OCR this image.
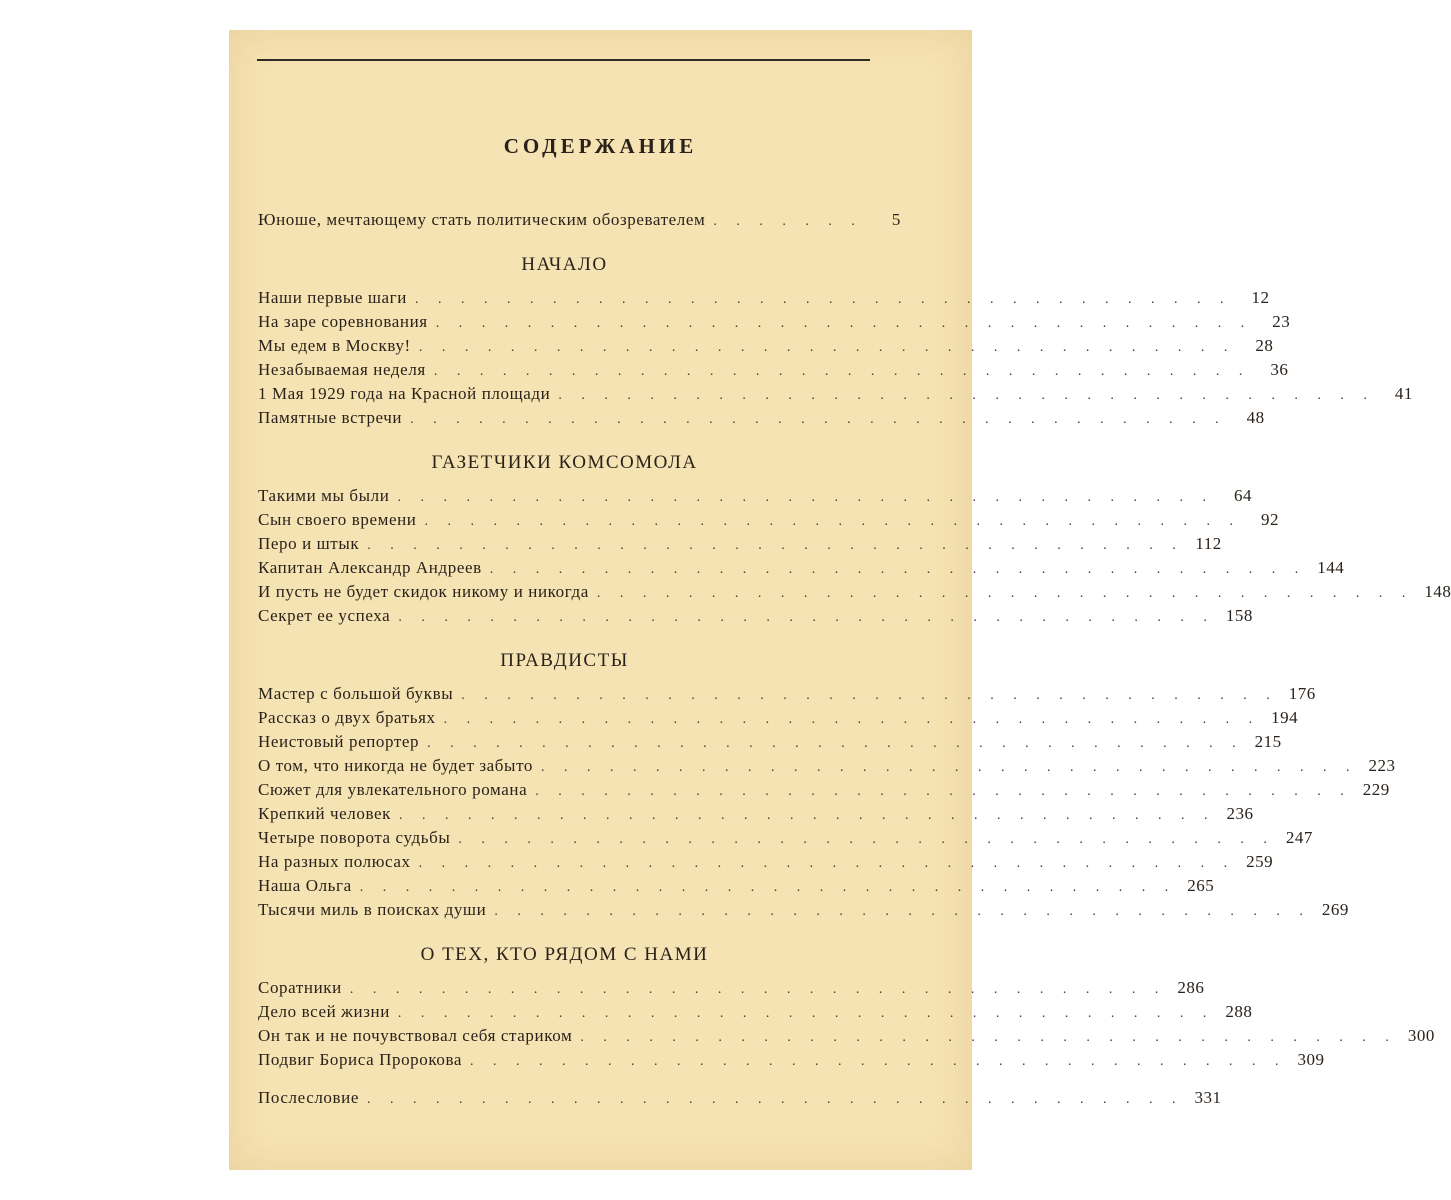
СОДЕРЖАНИЕ
Юноше, мечтающему стать политическим обозревателем . . . . . . .	5
НАЧАЛО
Наши первые шаги . . . . . . . . . . . . . . . . . . . . . . . . . . . . . . . . . . . .	12
На заре соревнования . . . . . . . . . . . . . . . . . . . . . . . . . . . . . . . . . . . .	23
Мы едем в Москву! . . . . . . . . . . . . . . . . . . . . . . . . . . . . . . . . . . . .	28
Незабываемая неделя . . . . . . . . . . . . . . . . . . . . . . . . . . . . . . . . . . . .	36
1 Мая 1929 года на Красной площади . . . . . . . . . . . . . . . . . . . . . . . . . . . . . . . . . . . .	41
Памятные встречи . . . . . . . . . . . . . . . . . . . . . . . . . . . . . . . . . . . .	48
ГАЗЕТЧИКИ КОМСОМОЛА
Такими мы были . . . . . . . . . . . . . . . . . . . . . . . . . . . . . . . . . . . .	64
Сын своего времени . . . . . . . . . . . . . . . . . . . . . . . . . . . . . . . . . . . .	92
Перо и штык . . . . . . . . . . . . . . . . . . . . . . . . . . . . . . . . . . . . 112
Капитан Александр Андреев . . . . . . . . . . . . . . . . . . . . . . . . . . . . . . . . . . . . 144
И пусть не будет скидок никому и никогда . . . . . . . . . . . . . . . . . . . . . . . . . . . . . . . . . . . . 148
Секрет ее успеха . . . . . . . . . . . . . . . . . . . . . . . . . . . . . . . . . . . . 158
ПРАВДИСТЫ
Мастер с большой буквы . . . . . . . . . . . . . . . . . . . . . . . . . . . . . . . . . . . . 176
Рассказ о двух братьях . . . . . . . . . . . . . . . . . . . . . . . . . . . . . . . . . . . . 194
Неистовый репортер . . . . . . . . . . . . . . . . . . . . . . . . . . . . . . . . . . . . 215
О том, что никогда не будет забыто . . . . . . . . . . . . . . . . . . . . . . . . . . . . . . . . . . . . 223
Сюжет для увлекательного романа . . . . . . . . . . . . . . . . . . . . . . . . . . . . . . . . . . . . 229
Крепкий человек . . . . . . . . . . . . . . . . . . . . . . . . . . . . . . . . . . . . 236
Четыре поворота судьбы . . . . . . . . . . . . . . . . . . . . . . . . . . . . . . . . . . . . 247
На разных полюсах . . . . . . . . . . . . . . . . . . . . . . . . . . . . . . . . . . . . 259
Наша Ольга . . . . . . . . . . . . . . . . . . . . . . . . . . . . . . . . . . . . 265
Тысячи миль в поисках души . . . . . . . . . . . . . . . . . . . . . . . . . . . . . . . . . . . . 269
О ТЕХ, КТО РЯДОМ С НАМИ
Соратники . . . . . . . . . . . . . . . . . . . . . . . . . . . . . . . . . . . . 286
Дело всей жизни . . . . . . . . . . . . . . . . . . . . . . . . . . . . . . . . . . . . 288
Он так и не почувствовал себя стариком . . . . . . . . . . . . . . . . . . . . . . . . . . . . . . . . . . . . 300
Подвиг Бориса Пророкова . . . . . . . . . . . . . . . . . . . . . . . . . . . . . . . . . . . . 309
Послесловие . . . . . . . . . . . . . . . . . . . . . . . . . . . . . . . . . . . . 331
